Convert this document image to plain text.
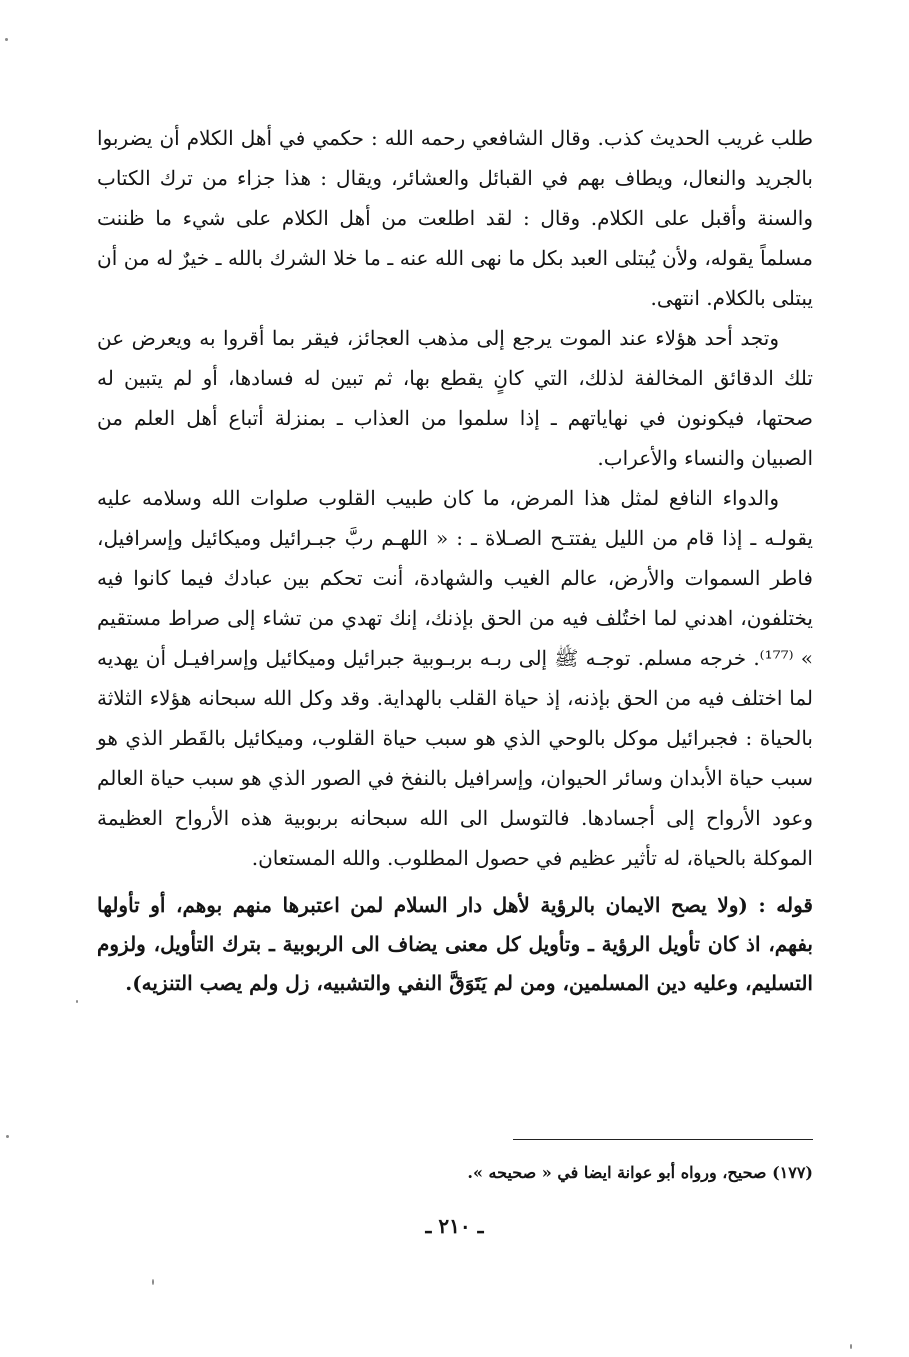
طلب غريب الحديث كذب. وقال الشافعي رحمه الله : حكمي في أهل الكلام أن يضربوا بالجريد والنعال، ويطاف بهم في القبائل والعشائر، ويقال : هذا جزاء من ترك الكتاب والسنة وأقبل على الكلام. وقال : لقد اطلعت من أهل الكلام على شيء ما ظننت مسلماً يقوله، ولأن يُبتلى العبد بكل ما نهى الله عنه ـ ما خلا الشرك بالله ـ خيرٌ له من أن يبتلى بالكلام. انتهى.

وتجد أحد هؤلاء عند الموت يرجع إلى مذهب العجائز، فيقر بما أقروا به ويعرض عن تلك الدقائق المخالفة لذلك، التي كانٍ يقطع بها، ثم تبين له فسادها، أو لم يتبين له صحتها، فيكونون في نهاياتهم ـ إذا سلموا من العذاب ـ بمنزلة أتباع أهل العلم من الصبيان والنساء والأعراب.

والدواء النافع لمثل هذا المرض، ما كان طبيب القلوب صلوات الله وسلامه عليه يقولـه ـ إذا قام من الليل يفتتـح الصـلاة ـ : « اللهـم ربَّ جبـرائيل وميكائيل وإسرافيل، فاطر السموات والأرض، عالم الغيب والشهادة، أنت تحكم بين عبادك فيما كانوا فيه يختلفون، اهدني لما اختُلف فيه من الحق بإذنك، إنك تهدي من تشاء إلى صراط مستقيم » ⁽¹⁷⁷⁾. خرجه مسلم. توجـه ﷺ إلى ربـه بربـوبية جبرائيل وميكائيل وإسرافيـل أن يهديه لما اختلف فيه من الحق بإذنه، إذ حياة القلب بالهداية. وقد وكل الله سبحانه هؤلاء الثلاثة بالحياة : فجبرائيل موكل بالوحي الذي هو سبب حياة القلوب، وميكائيل بالقَطر الذي هو سبب حياة الأبدان وسائر الحيوان، وإسرافيل بالنفخ في الصور الذي هو سبب حياة العالم وعود الأرواح إلى أجسادها. فالتوسل الى الله سبحانه بربوبية هذه الأرواح العظيمة الموكلة بالحياة، له تأثير عظيم في حصول المطلوب. والله المستعان.

قوله : (ولا يصح الايمان بالرؤية لأهل دار السلام لمن اعتبرها منهم بوهم، أو تأولها بفهم، اذ كان تأويل الرؤية ـ وتأويل كل معنى يضاف الى الربوبية ـ بترك التأويل، ولزوم التسليم، وعليه دين المسلمين، ومن لم يَتَوَقَّ النفي والتشبيه، زل ولم يصب التنزيه).

(١٧٧) صحيح، ورواه أبو عوانة ايضا في « صحيحه ».
ـ ٢١٠ ـ
